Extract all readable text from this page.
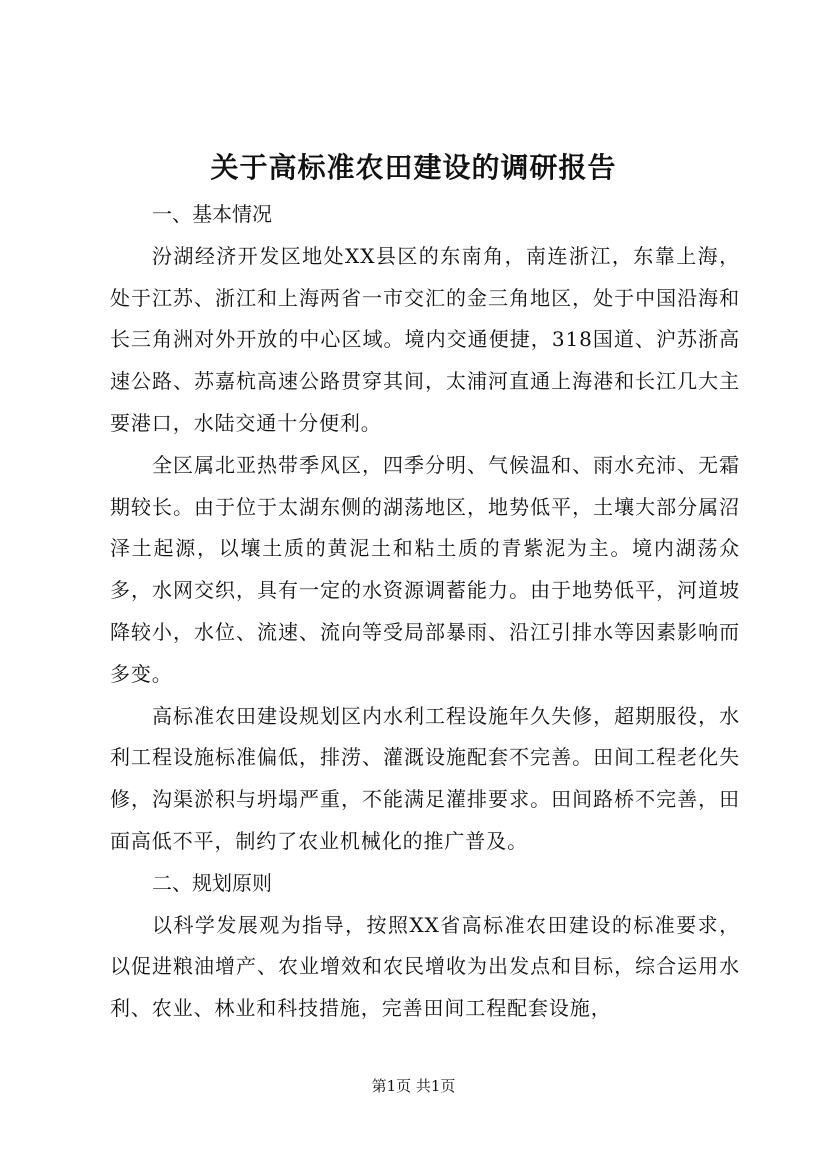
关于高标准农田建设的调研报告

一、基本情况

汾湖经济开发区地处XX县区的东南角，南连浙江，东靠上海，处于江苏、浙江和上海两省一市交汇的金三角地区，处于中国沿海和长三角洲对外开放的中心区域。境内交通便捷，318国道、沪苏浙高速公路、苏嘉杭高速公路贯穿其间，太浦河直通上海港和长江几大主要港口，水陆交通十分便利。

全区属北亚热带季风区，四季分明、气候温和、雨水充沛、无霜期较长。由于位于太湖东侧的湖荡地区，地势低平，土壤大部分属沼泽土起源，以壤土质的黄泥土和粘土质的青紫泥为主。境内湖荡众多，水网交织，具有一定的水资源调蓄能力。由于地势低平，河道坡降较小，水位、流速、流向等受局部暴雨、沿江引排水等因素影响而多变。

高标准农田建设规划区内水利工程设施年久失修，超期服役，水利工程设施标准偏低，排涝、灌溉设施配套不完善。田间工程老化失修，沟渠淤积与坍塌严重，不能满足灌排要求。田间路桥不完善，田面高低不平，制约了农业机械化的推广普及。

二、规划原则

以科学发展观为指导，按照XX省高标准农田建设的标准要求，以促进粮油增产、农业增效和农民增收为出发点和目标，综合运用水利、农业、林业和科技措施，完善田间工程配套设施，

第1页 共1页
